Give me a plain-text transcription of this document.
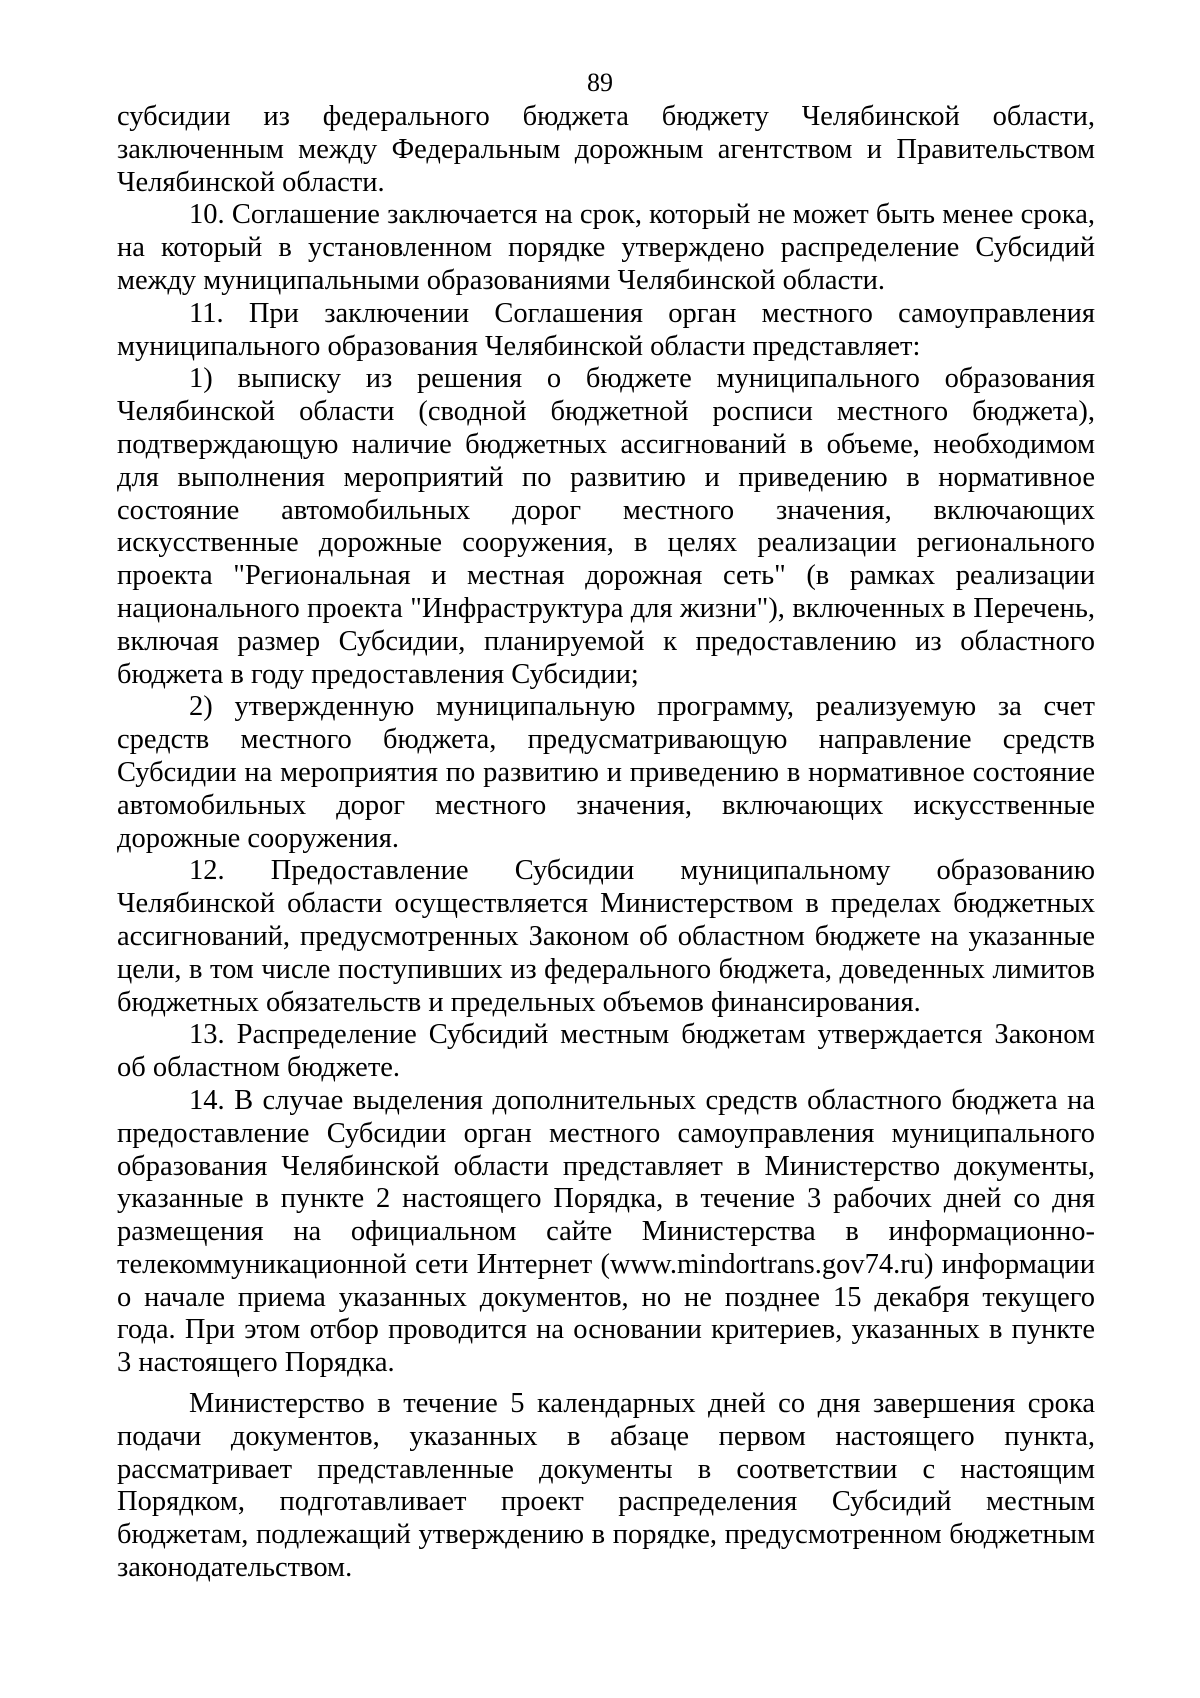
89

субсидии из федерального бюджета бюджету Челябинской области, заключенным между Федеральным дорожным агентством и Правительством Челябинской области.

10. Соглашение заключается на срок, который не может быть менее срока, на который в установленном порядке утверждено распределение Субсидий между муниципальными образованиями Челябинской области.

11. При заключении Соглашения орган местного самоуправления муниципального образования Челябинской области представляет:

1) выписку из решения о бюджете муниципального образования Челябинской области (сводной бюджетной росписи местного бюджета), подтверждающую наличие бюджетных ассигнований в объеме, необходимом для выполнения мероприятий по развитию и приведению в нормативное состояние автомобильных дорог местного значения, включающих искусственные дорожные сооружения, в целях реализации регионального проекта "Региональная и местная дорожная сеть" (в рамках реализации национального проекта "Инфраструктура для жизни"), включенных в Перечень, включая размер Субсидии, планируемой к предоставлению из областного бюджета в году предоставления Субсидии;

2) утвержденную муниципальную программу, реализуемую за счет средств местного бюджета, предусматривающую направление средств Субсидии на мероприятия по развитию и приведению в нормативное состояние автомобильных дорог местного значения, включающих искусственные дорожные сооружения.

12. Предоставление Субсидии муниципальному образованию Челябинской области осуществляется Министерством в пределах бюджетных ассигнований, предусмотренных Законом об областном бюджете на указанные цели, в том числе поступивших из федерального бюджета, доведенных лимитов бюджетных обязательств и предельных объемов финансирования.

13. Распределение Субсидий местным бюджетам утверждается Законом об областном бюджете.

14. В случае выделения дополнительных средств областного бюджета на предоставление Субсидии орган местного самоуправления муниципального образования Челябинской области представляет в Министерство документы, указанные в пункте 2 настоящего Порядка, в течение 3 рабочих дней со дня размещения на официальном сайте Министерства в информационно-телекоммуникационной сети Интернет (www.mindortrans.gov74.ru) информации о начале приема указанных документов, но не позднее 15 декабря текущего года. При этом отбор проводится на основании критериев, указанных в пункте 3 настоящего Порядка.

Министерство в течение 5 календарных дней со дня завершения срока подачи документов, указанных в абзаце первом настоящего пункта, рассматривает представленные документы в соответствии с настоящим Порядком, подготавливает проект распределения Субсидий местным бюджетам, подлежащий утверждению в порядке, предусмотренном бюджетным законодательством.
